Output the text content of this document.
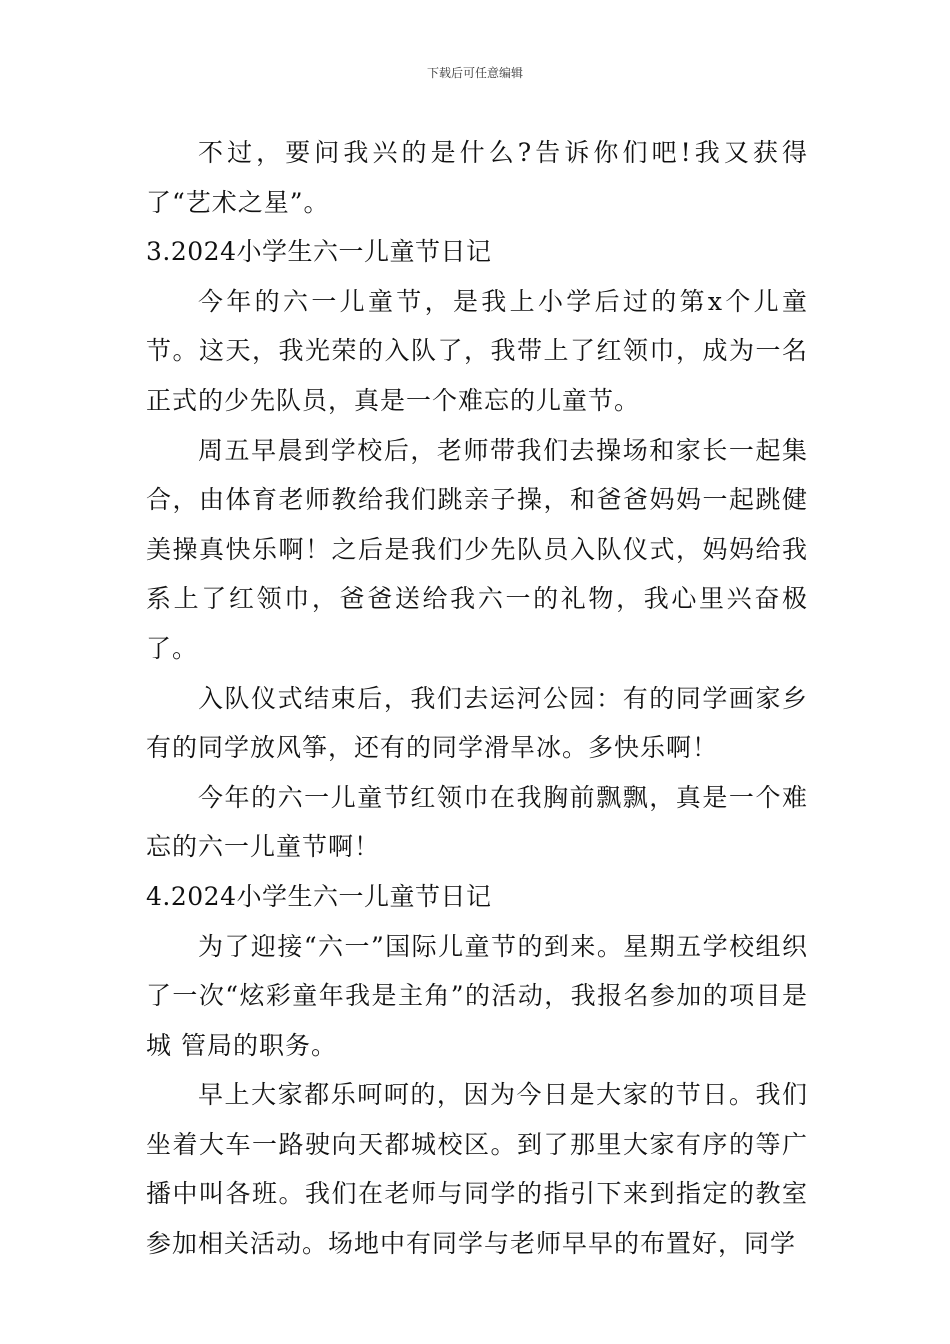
下载后可任意编辑

不过，要问我兴的是什么?告诉你们吧!我又获得了“艺术之星”。

3.2024小学生六一儿童节日记

今年的六一儿童节，是我上小学后过的第x个儿童节。这天，我光荣的入队了，我带上了红领巾，成为一名正式的少先队员，真是一个难忘的儿童节。

周五早晨到学校后，老师带我们去操场和家长一起集合，由体育老师教给我们跳亲子操，和爸爸妈妈一起跳健美操真快乐啊！之后是我们少先队员入队仪式，妈妈给我系上了红领巾，爸爸送给我六一的礼物，我心里兴奋极了。

入队仪式结束后，我们去运河公园：有的同学画家乡有的同学放风筝，还有的同学滑旱冰。多快乐啊！

今年的六一儿童节红领巾在我胸前飘飘，真是一个难忘的六一儿童节啊！

4.2024小学生六一儿童节日记

为了迎接“六一”国际儿童节的到来。星期五学校组织了一次“炫彩童年我是主角”的活动，我报名参加的项目是城 管局的职务。

早上大家都乐呵呵的，因为今日是大家的节日。我们坐着大车一路驶向天都城校区。到了那里大家有序的等广播中叫各班。我们在老师与同学的指引下来到指定的教室参加相关活动。场地中有同学与老师早早的布置好，同学
